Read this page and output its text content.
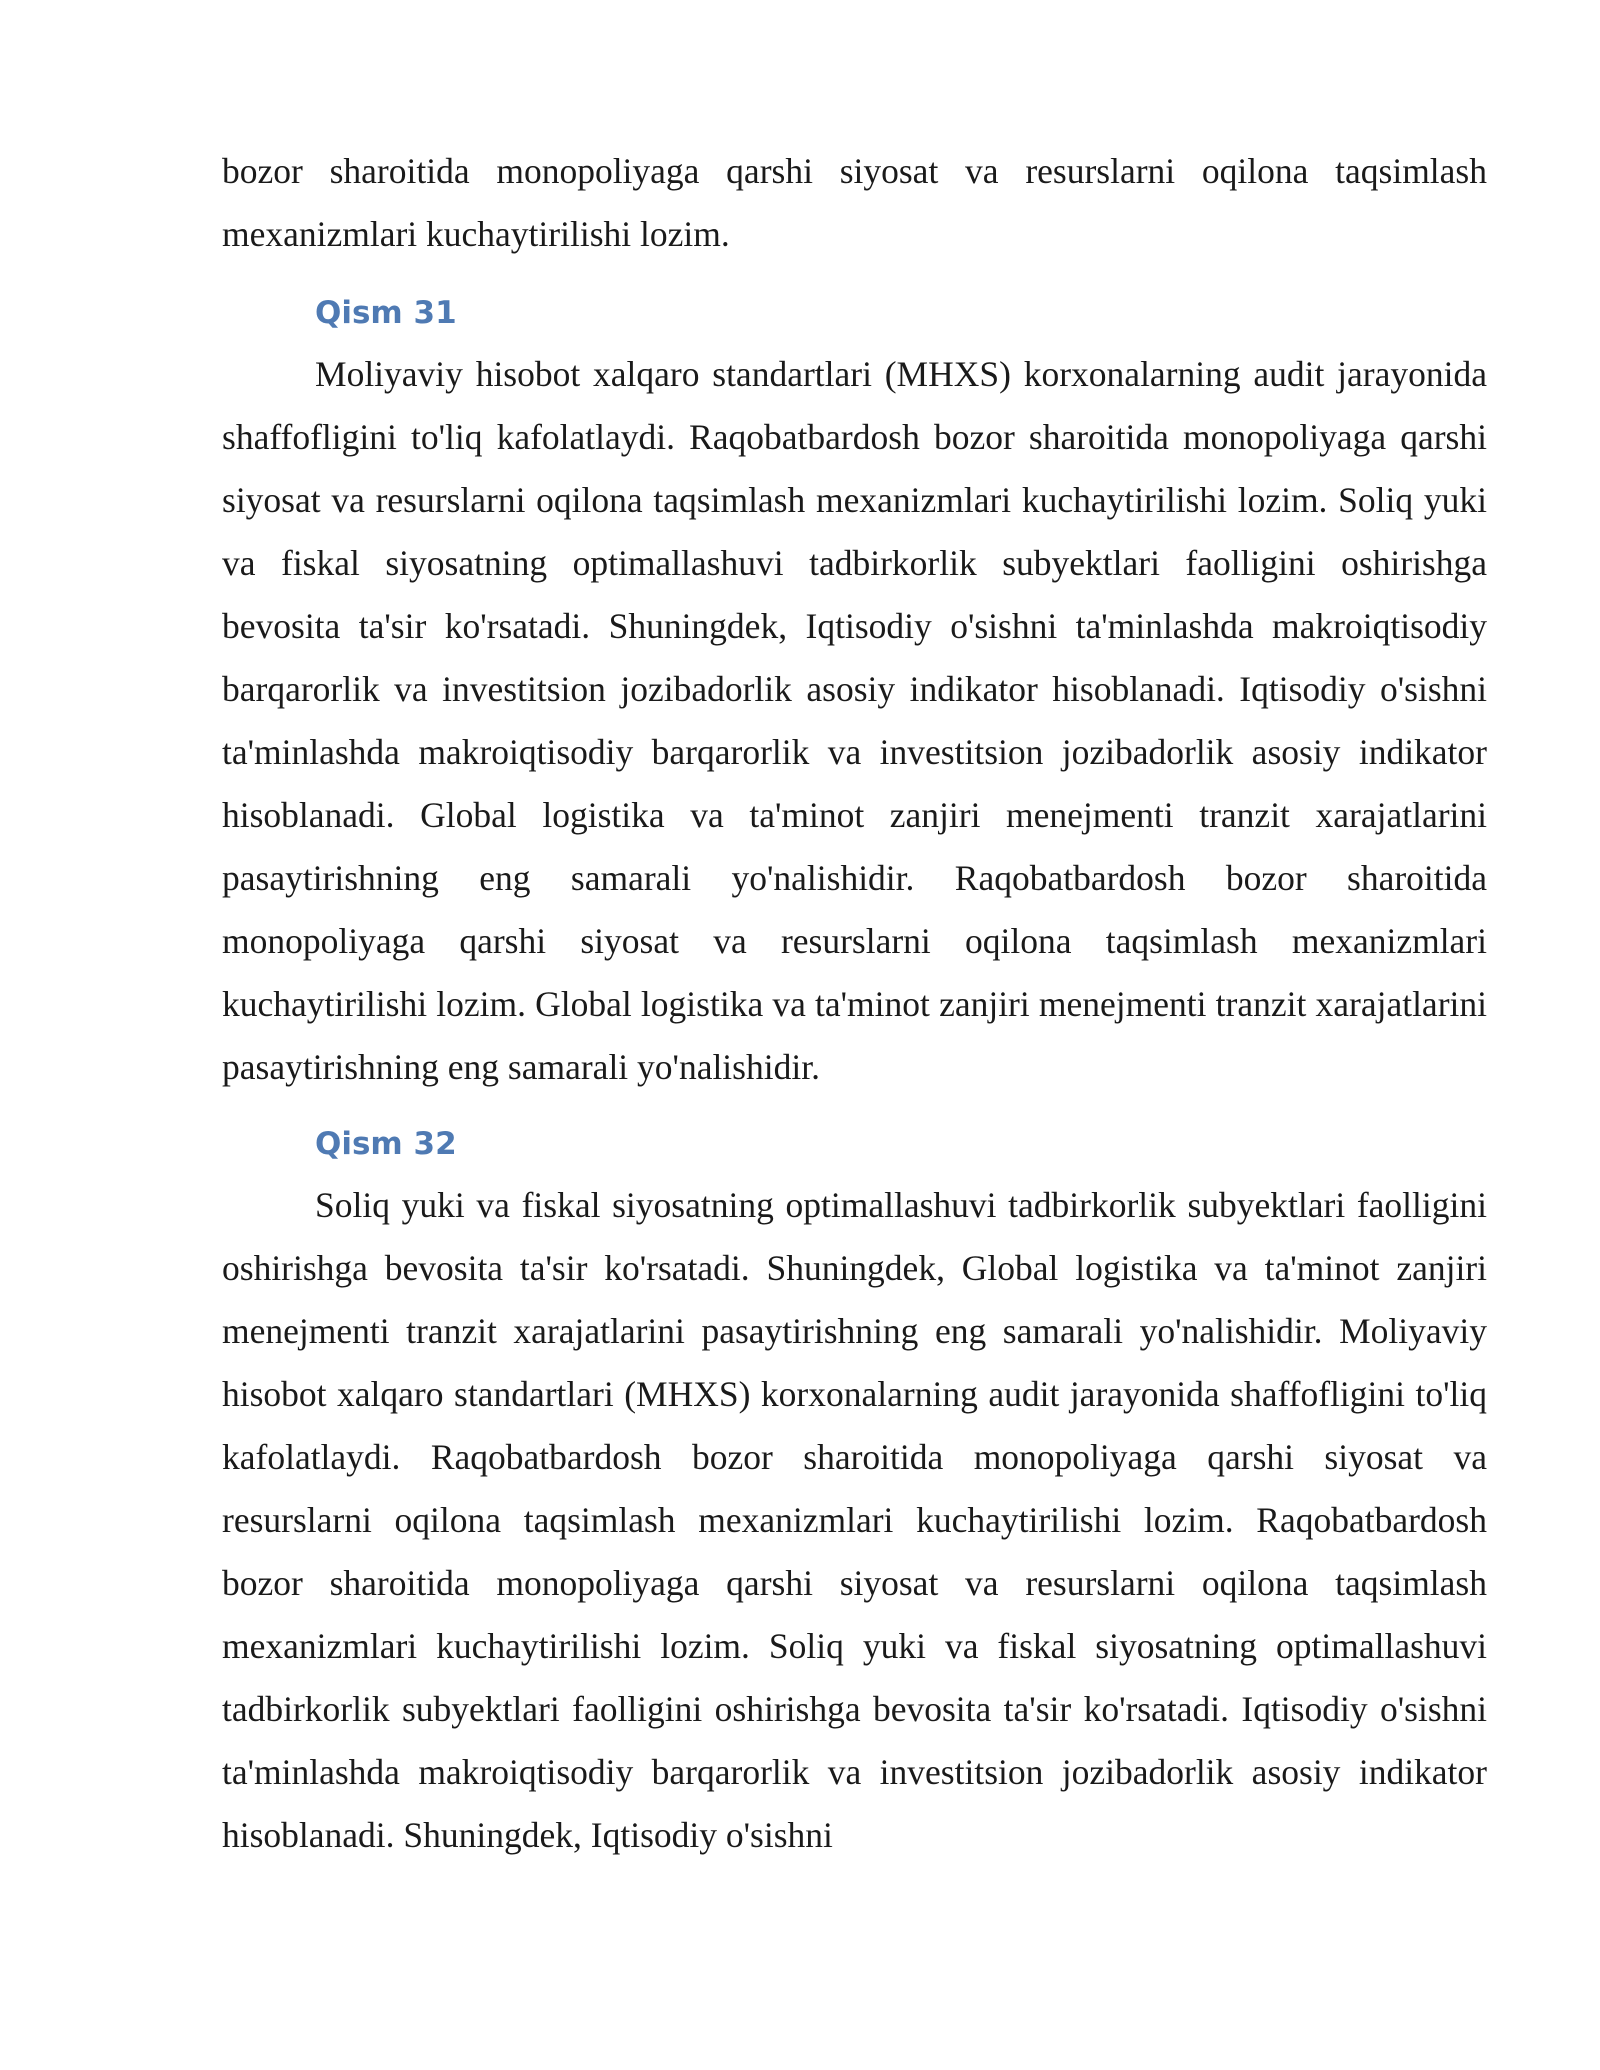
bozor sharoitida monopoliyaga qarshi siyosat va resurslarni oqilona taqsimlash mexanizmlari kuchaytirilishi lozim.

Qism 31

Moliyaviy hisobot xalqaro standartlari (MHXS) korxonalarning audit jarayonida shaffofligini to'liq kafolatlaydi. Raqobatbardosh bozor sharoitida monopoliyaga qarshi siyosat va resurslarni oqilona taqsimlash mexanizmlari kuchaytirilishi lozim. Soliq yuki va fiskal siyosatning optimallashuvi tadbirkorlik subyektlari faolligini oshirishga bevosita ta'sir ko'rsatadi. Shuningdek, Iqtisodiy o'sishni ta'minlashda makroiqtisodiy barqarorlik va investitsion jozibadorlik asosiy indikator hisoblanadi. Iqtisodiy o'sishni ta'minlashda makroiqtisodiy barqarorlik va investitsion jozibadorlik asosiy indikator hisoblanadi. Global logistika va ta'minot zanjiri menejmenti tranzit xarajatlarini pasaytirishning eng samarali yo'nalishidir. Raqobatbardosh bozor sharoitida monopoliyaga qarshi siyosat va resurslarni oqilona taqsimlash mexanizmlari kuchaytirilishi lozim. Global logistika va ta'minot zanjiri menejmenti tranzit xarajatlarini pasaytirishning eng samarali yo'nalishidir.

Qism 32

Soliq yuki va fiskal siyosatning optimallashuvi tadbirkorlik subyektlari faolligini oshirishga bevosita ta'sir ko'rsatadi. Shuningdek, Global logistika va ta'minot zanjiri menejmenti tranzit xarajatlarini pasaytirishning eng samarali yo'nalishidir. Moliyaviy hisobot xalqaro standartlari (MHXS) korxonalarning audit jarayonida shaffofligini to'liq kafolatlaydi. Raqobatbardosh bozor sharoitida monopoliyaga qarshi siyosat va resurslarni oqilona taqsimlash mexanizmlari kuchaytirilishi lozim. Raqobatbardosh bozor sharoitida monopoliyaga qarshi siyosat va resurslarni oqilona taqsimlash mexanizmlari kuchaytirilishi lozim. Soliq yuki va fiskal siyosatning optimallashuvi tadbirkorlik subyektlari faolligini oshirishga bevosita ta'sir ko'rsatadi. Iqtisodiy o'sishni ta'minlashda makroiqtisodiy barqarorlik va investitsion jozibadorlik asosiy indikator hisoblanadi. Shuningdek, Iqtisodiy o'sishni
